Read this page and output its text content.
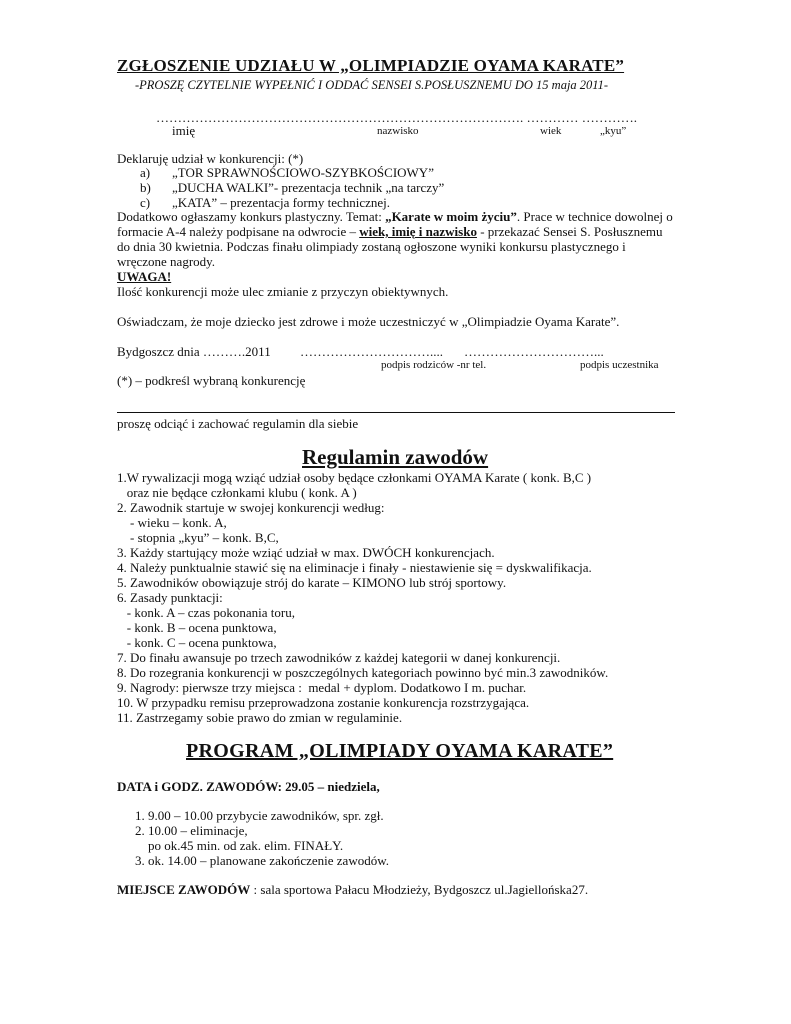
ZGŁOSZENIE UDZIAŁU W „OLIMPIADZIE OYAMA KARATE”
-PROSZĘ CZYTELNIE WYPEŁNIĆ I ODDAĆ SENSEI S.POSŁUSZNEMU DO 15 maja 2011-
…………………………………………………………………………. ………… ………….
imię	nazwisko	wiek	„kyu”
Deklaruję udział w konkurencji: (*)
a) „TOR SPRAWNOŚCIOWO-SZYBKOŚCIOWY”
b) „DUCHA WALKI”- prezentacja technik „na tarczy”
c) „KATA” – prezentacja formy technicznej.
Dodatkowo ogłaszamy konkurs plastyczny. Temat: „Karate w moim życiu”. Prace w technice dowolnej o
formacie A-4 należy podpisane na odwrocie – wiek, imię i nazwisko - przekazać Sensei S. Posłusznemu
do dnia 30 kwietnia. Podczas finału olimpiady zostaną ogłoszone wyniki konkursu plastycznego i
wręczone nagrody.
UWAGA!
Ilość konkurencji może ulec zmianie z przyczyn obiektywnych.
Oświadczam, że moje dziecko jest zdrowe i może uczestniczyć w „Olimpiadzie Oyama Karate”.
Bydgoszcz dnia ……….2011 ………………………….... …………………………...
podpis rodziców -nr tel.	podpis uczestnika
(*) – podkreśl wybraną konkurencję
proszę odciąć i zachować regulamin dla siebie
Regulamin zawodów
1.W rywalizacji mogą wziąć udział osoby będące członkami OYAMA Karate ( konk. B,C )
oraz nie będące członkami klubu ( konk. A )
2. Zawodnik startuje w swojej konkurencji według:
- wieku – konk. A,
- stopnia „kyu” – konk. B,C,
3. Każdy startujący może wziąć udział w max. DWÓCH konkurencjach.
4. Należy punktualnie stawić się na eliminacje i finały - niestawienie się = dyskwalifikacja.
5. Zawodników obowiązuje strój do karate – KIMONO lub strój sportowy.
6. Zasady punktacji:
- konk. A – czas pokonania toru,
- konk. B – ocena punktowa,
- konk. C – ocena punktowa,
7. Do finału awansuje po trzech zawodników z każdej kategorii w danej konkurencji.
8. Do rozegrania konkurencji w poszczególnych kategoriach powinno być min.3 zawodników.
9. Nagrody: pierwsze trzy miejsca :  medal + dyplom. Dodatkowo I m. puchar.
10. W przypadku remisu przeprowadzona zostanie konkurencja rozstrzygająca.
11. Zastrzegamy sobie prawo do zmian w regulaminie.
PROGRAM „OLIMPIADY OYAMA KARATE”
DATA i GODZ. ZAWODÓW: 29.05 – niedziela,
1. 9.00 – 10.00 przybycie zawodników, spr. zgł.
2. 10.00 – eliminacje,
po ok.45 min. od zak. elim. FINAŁY.
3. ok. 14.00 – planowane zakończenie zawodów.
MIEJSCE ZAWODÓW : sala sportowa Pałacu Młodzieży, Bydgoszcz ul.Jagiellońska27.
